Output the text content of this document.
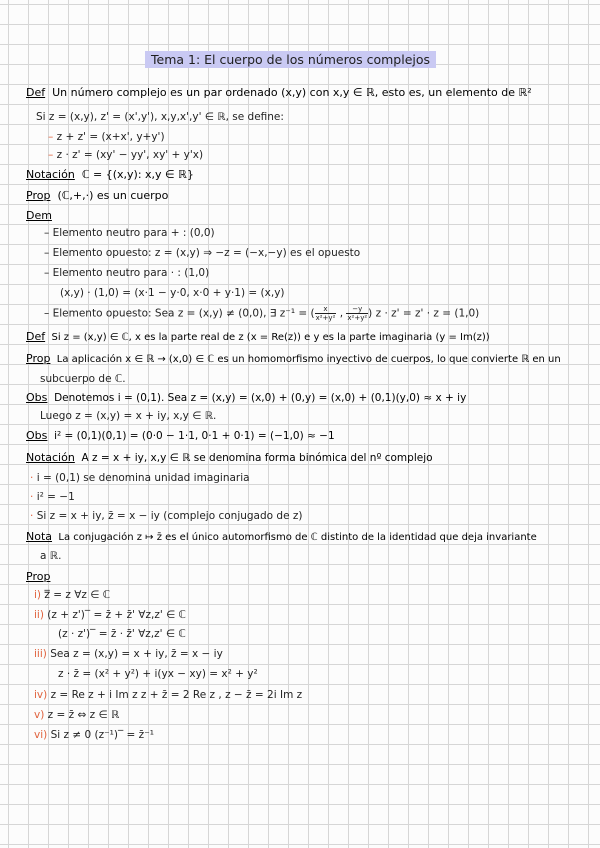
Tema 1: El cuerpo de los números complejos
Def Un número complejo es un par ordenado (x,y) con x,y ∈ ℝ, esto es, un elemento de ℝ²
Si z = (x,y), z' = (x',y'), x,y,x',y' ∈ ℝ, se define:
– z + z' = (x+x', y+y')
– z · z' = (xy' − yy', xy' + y'x)
Notación ℂ = {(x,y): x,y ∈ ℝ}
Prop (ℂ,+,·) es un cuerpo
Dem
– Elemento neutro para + : (0,0)
– Elemento opuesto: z = (x,y) ⇒ −z = (−x,−y) es el opuesto
– Elemento neutro para · : (1,0)
(x,y) · (1,0) = (x·1 − y·0, x·0 + y·1) = (x,y)
– Elemento opuesto: Sea z = (x,y) ≠ (0,0), ∃ z⁻¹ = ( $\frac{x}{\text{x²+y²}}$ , $\frac{-y}{\text{x²+y²}}$ ) z · z' = z' · z = (1,0)
Def Si z = (x,y) ∈ ℂ, x es la parte real de z (x = Re(z)) e y es la parte imaginaria (y = Im(z))
Prop La aplicación x ∈ ℝ → (x,0) ∈ ℂ es un homomorfismo inyectivo de cuerpos, lo que convierte ℝ en un
subcuerpo de ℂ.
Obs Denotemos i = (0,1). Sea z = (x,y) = (x,0) + (0,y) = (x,0) + (0,1)(y,0) ≈ x + iy
Luego z = (x,y) = x + iy, x,y ∈ ℝ.
Obs i² = (0,1)(0,1) = (0·0 − 1·1, 0·1 + 0·1) = (−1,0) ≈ −1
Notación A z = x + iy, x,y ∈ ℝ se denomina forma binómica del nº complejo
· i = (0,1) se denomina unidad imaginaria
· i² = −1
· Si z = x + iy, z̄ = x − iy (complejo conjugado de z)
Nota La conjugación z ↦ z̄ es el único automorfismo de ℂ distinto de la identidad que deja invariante
a ℝ.
Prop
i) z̿ = z ∀z ∈ ℂ
ii) (z + z')‾ = z̄ + z̄' ∀z,z' ∈ ℂ
(z · z')‾ = z̄ · z̄' ∀z,z' ∈ ℂ
iii) Sea z = (x,y) = x + iy, z̄ = x − iy
z · z̄ = (x² + y²) + i(yx − xy) = x² + y²
iv) z = Re z + i Im z z + z̄ = 2 Re z , z − z̄ = 2i Im z
v) z = z̄ ⇔ z ∈ ℝ
vi) Si z ≠ 0 (z⁻¹)‾ = z̄⁻¹
